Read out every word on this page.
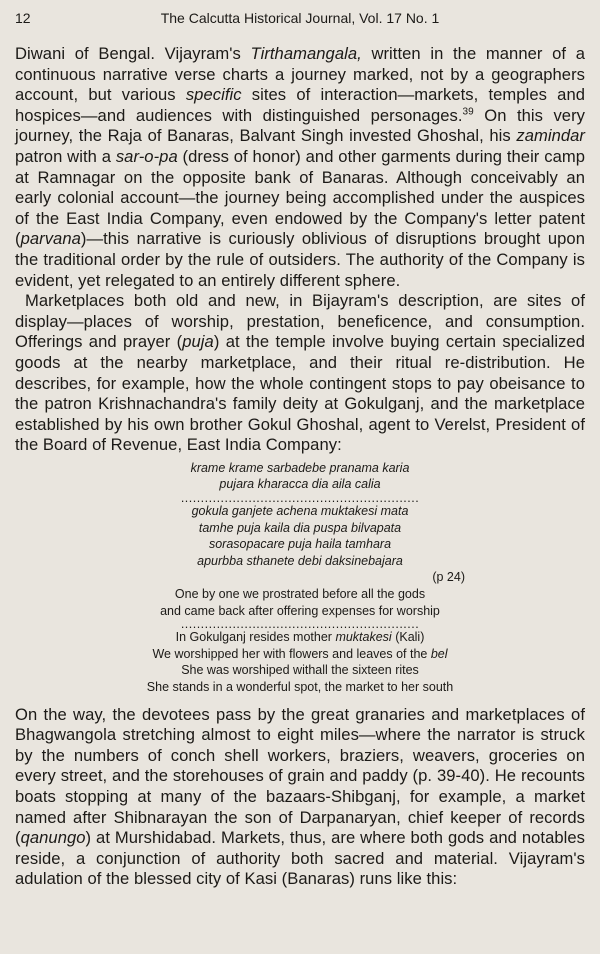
12	The Calcutta Historical Journal, Vol. 17 No. 1

Diwani of Bengal. Vijayram's Tirthamangala, written in the manner of a continuous narrative verse charts a journey marked, not by a geographers account, but various specific sites of interaction—markets, temples and hospices—and audiences with distinguished personages.$^{39}$ On this very journey, the Raja of Banaras, Balvant Singh invested Ghoshal, his zamindar patron with a sar-o-pa (dress of honor) and other garments during their camp at Ramnagar on the opposite bank of Banaras. Although conceivably an early colonial account—the journey being accomplished under the auspices of the East India Company, even endowed by the Company's letter patent (parvana)—this narrative is curiously oblivious of disruptions brought upon the traditional order by the rule of outsiders. The authority of the Company is evident, yet relegated to an entirely different sphere.

Marketplaces both old and new, in Bijayram's description, are sites of display—places of worship, prestation, beneficence, and consumption. Offerings and prayer (puja) at the temple involve buying certain specialized goods at the nearby marketplace, and their ritual re-distribution. He describes, for example, how the whole contingent stops to pay obeisance to the patron Krishnachandra's family deity at Gokulganj, and the marketplace established by his own brother Gokul Ghoshal, agent to Verelst, President of the Board of Revenue, East India Company:

krame krame sarbadebe pranama karia
pujara kharacca dia aila calia
............................................................
gokula ganjete achena muktakesi mata
tamhe puja kaila dia puspa bilvapata
sorasopacare puja haila tamhara
apurbba sthanete debi daksinebajara
(p 24)
One by one we prostrated before all the gods
and came back after offering expenses for worship
............................................................
In Gokulganj resides mother muktakesi (Kali)
We worshipped her with flowers and leaves of the bel
She was worshiped withall the sixteen rites
She stands in a wonderful spot, the market to her south

On the way, the devotees pass by the great granaries and marketplaces of Bhagwangola stretching almost to eight miles—where the narrator is struck by the numbers of conch shell workers, braziers, weavers, groceries on every street, and the storehouses of grain and paddy (p. 39-40). He recounts boats stopping at many of the bazaars-Shibganj, for example, a market named after Shibnarayan the son of Darpanaryan, chief keeper of records (qanungo) at Murshidabad. Markets, thus, are where both gods and notables reside, a conjunction of authority both sacred and material. Vijayram's adulation of the blessed city of Kasi (Banaras) runs like this:
